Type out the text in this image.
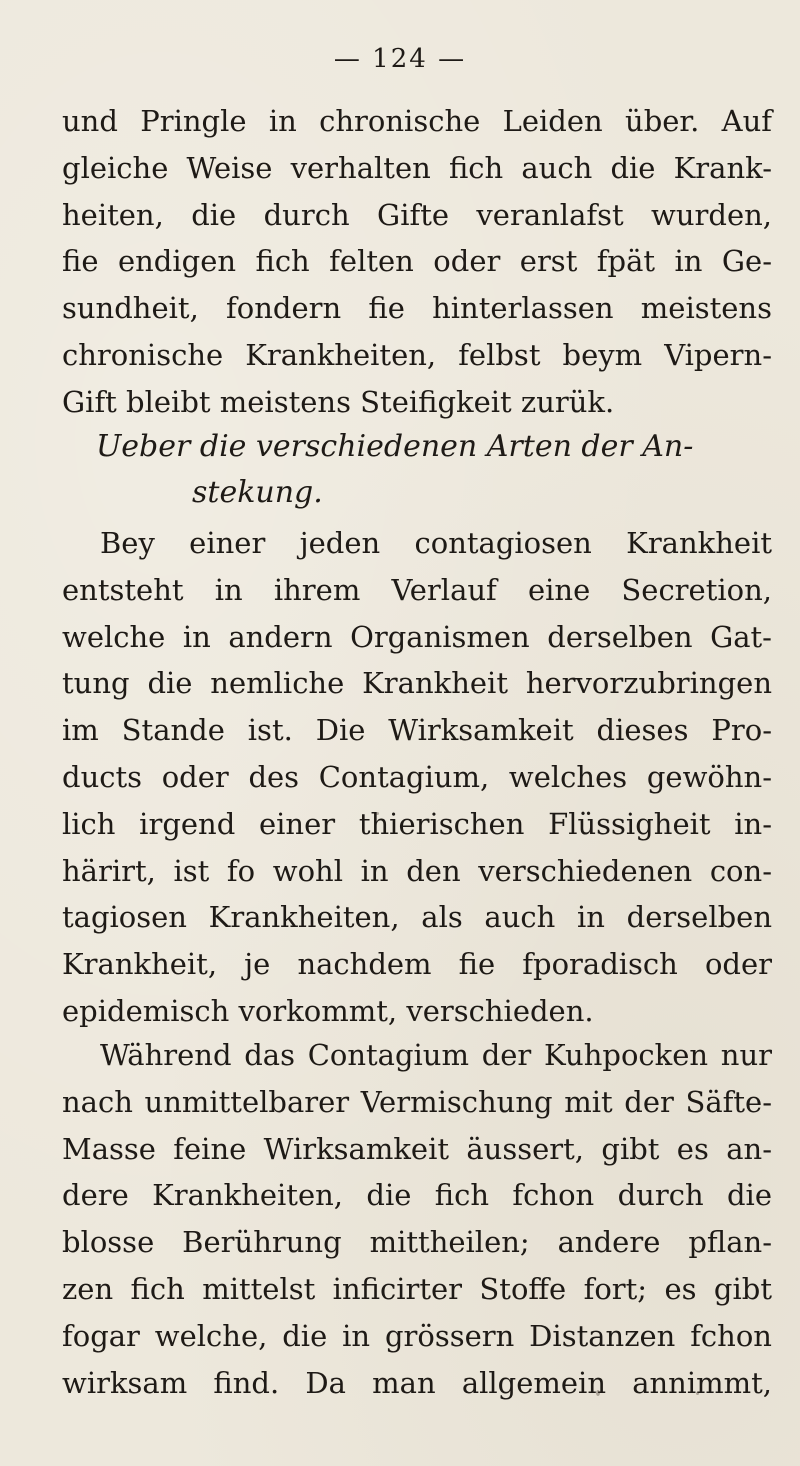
— 124 —
und Pringle in chronische Leiden über. Auf
gleiche Weise verhalten fich auch die Krank-
heiten, die durch Gifte veranlafst wurden,
fie endigen fich felten oder erst fpät in Ge-
sundheit, fondern fie hinterlassen meistens
chronische Krankheiten, felbst beym Vipern-
Gift bleibt meistens Steifigkeit zurük.
Ueber die verschiedenen Arten der An-
stekung.
Bey einer jeden contagiosen Krankheit
entsteht in ihrem Verlauf eine Secretion,
welche in andern Organismen derselben Gat-
tung die nemliche Krankheit hervorzubringen
im Stande ist. Die Wirksamkeit dieses Pro-
ducts oder des Contagium, welches gewöhn-
lich irgend einer thierischen Flüssigheit in-
härirt, ist fo wohl in den verschiedenen con-
tagiosen Krankheiten, als auch in derselben
Krankheit, je nachdem fie fporadisch oder
epidemisch vorkommt, verschieden.
Während das Contagium der Kuhpocken nur
nach unmittelbarer Vermischung mit der Säfte-
Masse feine Wirksamkeit äussert, gibt es an-
dere Krankheiten, die fich fchon durch die
blosse Berührung mittheilen; andere pflan-
zen fich mittelst inficirter Stoffe fort; es gibt
fogar welche, die in grössern Distanzen fchon
wirksam find. Da man allgemein annimmt,
